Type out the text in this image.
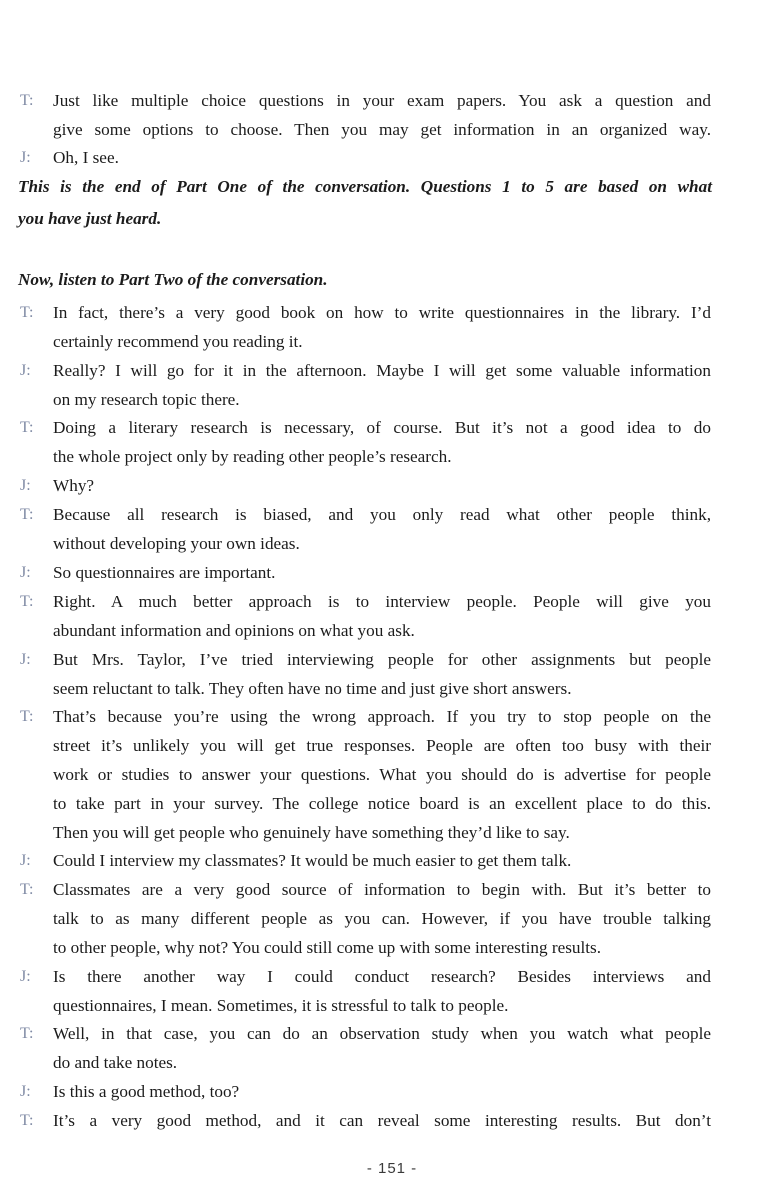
T:	Just like multiple choice questions in your exam papers. You ask a question and
give some options to choose. Then you may get information in an organized way.
J:	Oh, I see.
This is the end of Part One of the conversation. Questions 1 to 5 are based on what
you have just heard.
Now, listen to Part Two of the conversation.
T:	In fact, there’s a very good book on how to write questionnaires in the library. I’d
certainly recommend you reading it.
J:	Really? I will go for it in the afternoon. Maybe I will get some valuable information
on my research topic there.
T:	Doing a literary research is necessary, of course. But it’s not a good idea to do
the whole project only by reading other people’s research.
J:	Why?
T:	Because all research is biased, and you only read what other people think,
without developing your own ideas.
J:	So questionnaires are important.
T:	Right. A much better approach is to interview people. People will give you
abundant information and opinions on what you ask.
J:	But Mrs. Taylor, I’ve tried interviewing people for other assignments but people
seem reluctant to talk. They often have no time and just give short answers.
T:	That’s because you’re using the wrong approach. If you try to stop people on the
street it’s unlikely you will get true responses. People are often too busy with their
work or studies to answer your questions. What you should do is advertise for people
to take part in your survey. The college notice board is an excellent place to do this.
Then you will get people who genuinely have something they’d like to say.
J:	Could I interview my classmates? It would be much easier to get them talk.
T:	Classmates are a very good source of information to begin with. But it’s better to
talk to as many different people as you can. However, if you have trouble talking
to other people, why not? You could still come up with some interesting results.
J:	Is there another way I could conduct research? Besides interviews and
questionnaires, I mean. Sometimes, it is stressful to talk to people.
T:	Well, in that case, you can do an observation study when you watch what people
do and take notes.
J:	Is this a good method, too?
T:	It’s a very good method, and it can reveal some interesting results. But don’t
- 151 -
